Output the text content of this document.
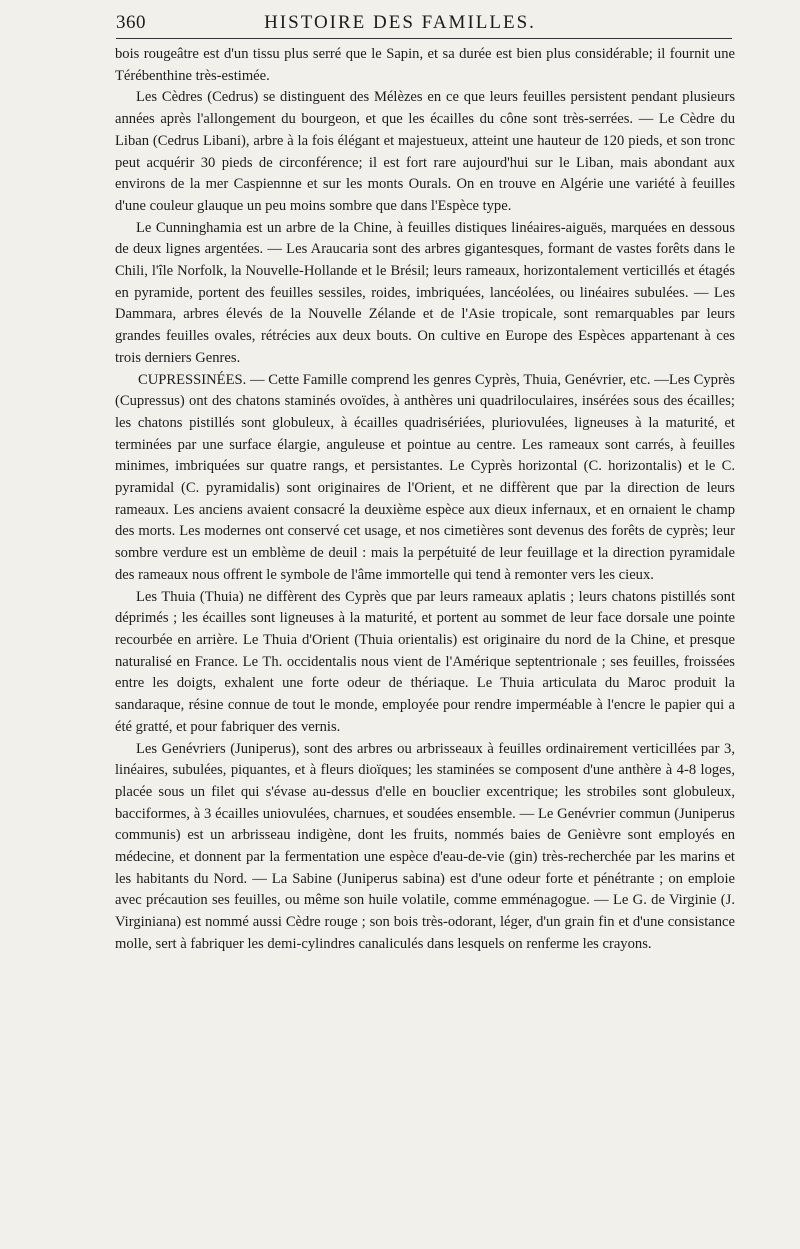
360	HISTOIRE DES FAMILLES.

bois rougeâtre est d'un tissu plus serré que le Sapin, et sa durée est bien plus considérable; il fournit une Térébenthine très-estimée.

Les Cèdres (Cedrus) se distinguent des Mélèzes en ce que leurs feuilles persistent pendant plusieurs années après l'allongement du bourgeon, et que les écailles du cône sont très-serrées. — Le Cèdre du Liban (Cedrus Libani), arbre à la fois élégant et majestueux, atteint une hauteur de 120 pieds, et son tronc peut acquérir 30 pieds de circonférence; il est fort rare aujourd'hui sur le Liban, mais abondant aux environs de la mer Caspiennne et sur les monts Ourals. On en trouve en Algérie une variété à feuilles d'une couleur glauque un peu moins sombre que dans l'Espèce type.

Le Cunninghamia est un arbre de la Chine, à feuilles distiques linéaires-aiguës, marquées en dessous de deux lignes argentées. — Les Araucaria sont des arbres gigantesques, formant de vastes forêts dans le Chili, l'île Norfolk, la Nouvelle-Hollande et le Brésil; leurs rameaux, horizontalement verticillés et étagés en pyramide, portent des feuilles sessiles, roides, imbriquées, lancéolées, ou linéaires subulées. — Les Dammara, arbres élevés de la Nouvelle Zélande et de l'Asie tropicale, sont remarquables par leurs grandes feuilles ovales, rétrécies aux deux bouts. On cultive en Europe des Espèces appartenant à ces trois derniers Genres.

CUPRESSINÉES. — Cette Famille comprend les genres Cyprès, Thuia, Genévrier, etc. —Les Cyprès (Cupressus) ont des chatons staminés ovoïdes, à anthères uni quadriloculaires, insérées sous des écailles; les chatons pistillés sont globuleux, à écailles quadrisériées, pluriovulées, ligneuses à la maturité, et terminées par une surface élargie, anguleuse et pointue au centre. Les rameaux sont carrés, à feuilles minimes, imbriquées sur quatre rangs, et persistantes. Le Cyprès horizontal (C. horizontalis) et le C. pyramidal (C. pyramidalis) sont originaires de l'Orient, et ne diffèrent que par la direction de leurs rameaux. Les anciens avaient consacré la deuxième espèce aux dieux infernaux, et en ornaient le champ des morts. Les modernes ont conservé cet usage, et nos cimetières sont devenus des forêts de cyprès; leur sombre verdure est un emblème de deuil : mais la perpétuité de leur feuillage et la direction pyramidale des rameaux nous offrent le symbole de l'âme immortelle qui tend à remonter vers les cieux.

Les Thuia (Thuia) ne diffèrent des Cyprès que par leurs rameaux aplatis ; leurs chatons pistillés sont déprimés ; les écailles sont ligneuses à la maturité, et portent au sommet de leur face dorsale une pointe recourbée en arrière. Le Thuia d'Orient (Thuia orientalis) est originaire du nord de la Chine, et presque naturalisé en France. Le Th. occidentalis nous vient de l'Amérique septentrionale ; ses feuilles, froissées entre les doigts, exhalent une forte odeur de thériaque. Le Thuia articulata du Maroc produit la sandaraque, résine connue de tout le monde, employée pour rendre imperméable à l'encre le papier qui a été gratté, et pour fabriquer des vernis.

Les Genévriers (Juniperus), sont des arbres ou arbrisseaux à feuilles ordinairement verticillées par 3, linéaires, subulées, piquantes, et à fleurs dioïques; les staminées se composent d'une anthère à 4-8 loges, placée sous un filet qui s'évase au-dessus d'elle en bouclier excentrique; les strobiles sont globuleux, bacciformes, à 3 écailles uniovulées, charnues, et soudées ensemble. — Le Genévrier commun (Juniperus communis) est un arbrisseau indigène, dont les fruits, nommés baies de Genièvre sont employés en médecine, et donnent par la fermentation une espèce d'eau-de-vie (gin) très-recherchée par les marins et les habitants du Nord. — La Sabine (Juniperus sabina) est d'une odeur forte et pénétrante ; on emploie avec précaution ses feuilles, ou même son huile volatile, comme emménagogue. — Le G. de Virginie (J. Virginiana) est nommé aussi Cèdre rouge ; son bois très-odorant, léger, d'un grain fin et d'une consistance molle, sert à fabriquer les demi-cylindres canaliculés dans lesquels on renferme les crayons.
